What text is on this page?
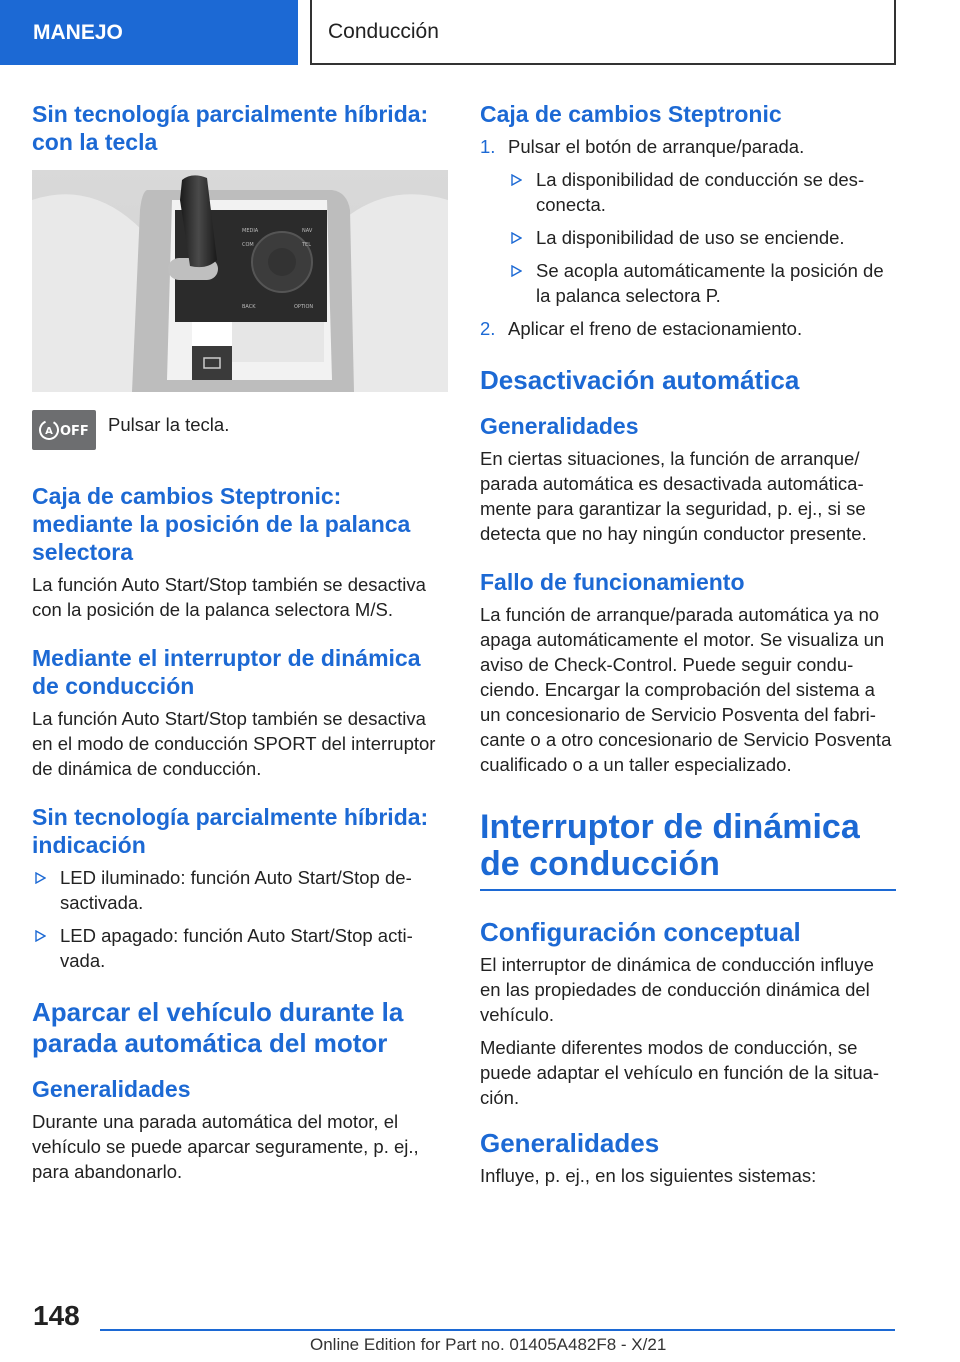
MANEJO	Conducción
Sin tecnología parcialmente híbrida: con la tecla
MEDIA	NAV
COM	TEL
BACK	OPTION
A OFF Pulsar la tecla.

Caja de cambios Steptronic: mediante la posición de la palanca selectora

La función Auto Start/Stop también se desactiva con la posición de la palanca selectora M/S.

Mediante el interruptor de dinámica de conducción

La función Auto Start/Stop también se desactiva en el modo de conducción SPORT del interruptor de dinámica de conducción.

Sin tecnología parcialmente híbrida: indicación
LED iluminado: función Auto Start/Stop desactivada.
LED apagado: función Auto Start/Stop activada.
Aparcar el vehículo durante la parada automática del motor
Generalidades

Durante una parada automática del motor, el vehículo se puede aparcar seguramente, p. ej., para abandonarlo.

Caja de cambios Steptronic
1. Pulsar el botón de arranque/parada.
La disponibilidad de conducción se desconecta.
La disponibilidad de uso se enciende.
Se acopla automáticamente la posición de la palanca selectora P.
2. Aplicar el freno de estacionamiento.
Desactivación automática
Generalidades

En ciertas situaciones, la función de arranque/ parada automática es desactivada automáticamente para garantizar la seguridad, p. ej., si se detecta que no hay ningún conductor presente.

Fallo de funcionamiento

La función de arranque/parada automática ya no apaga automáticamente el motor. Se visualiza un aviso de Check-Control. Puede seguir conduciendo. Encargar la comprobación del sistema a un concesionario de Servicio Posventa del fabricante o a otro concesionario de Servicio Posventa cualificado o a un taller especializado.

Interruptor de dinámica de conducción
Configuración conceptual

El interruptor de dinámica de conducción influye en las propiedades de conducción dinámica del vehículo.

Mediante diferentes modos de conducción, se puede adaptar el vehículo en función de la situación.

Generalidades

Influye, p. ej., en los siguientes sistemas:

148
Online Edition for Part no. 01405A482F8 - X/21
